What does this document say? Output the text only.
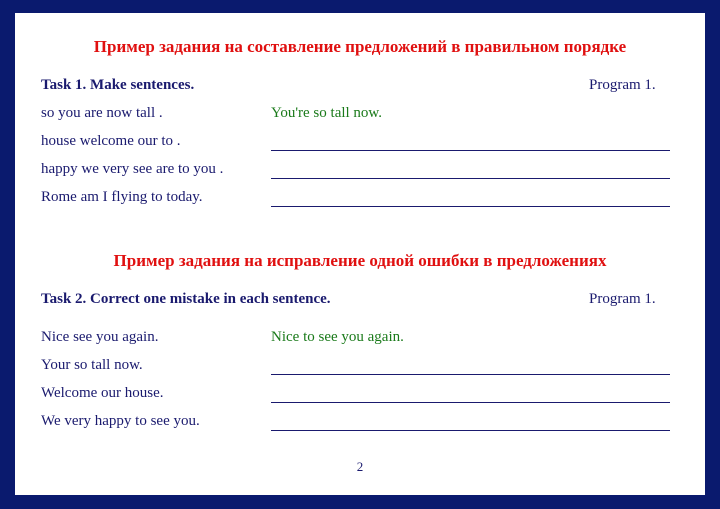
Пример задания на составление предложений в правильном порядке
Task 1. Make sentences.	Program 1.
so you are now tall .	You're so tall now.
house welcome our to .
happy we very see are to you .
Rome am I flying to today.
Пример задания на исправление одной ошибки в предложениях
Task 2. Correct one mistake in each sentence.	Program 1.
Nice see you again.	Nice to see you again.
Your so tall now.
Welcome our house.
We very happy to see you.
2
